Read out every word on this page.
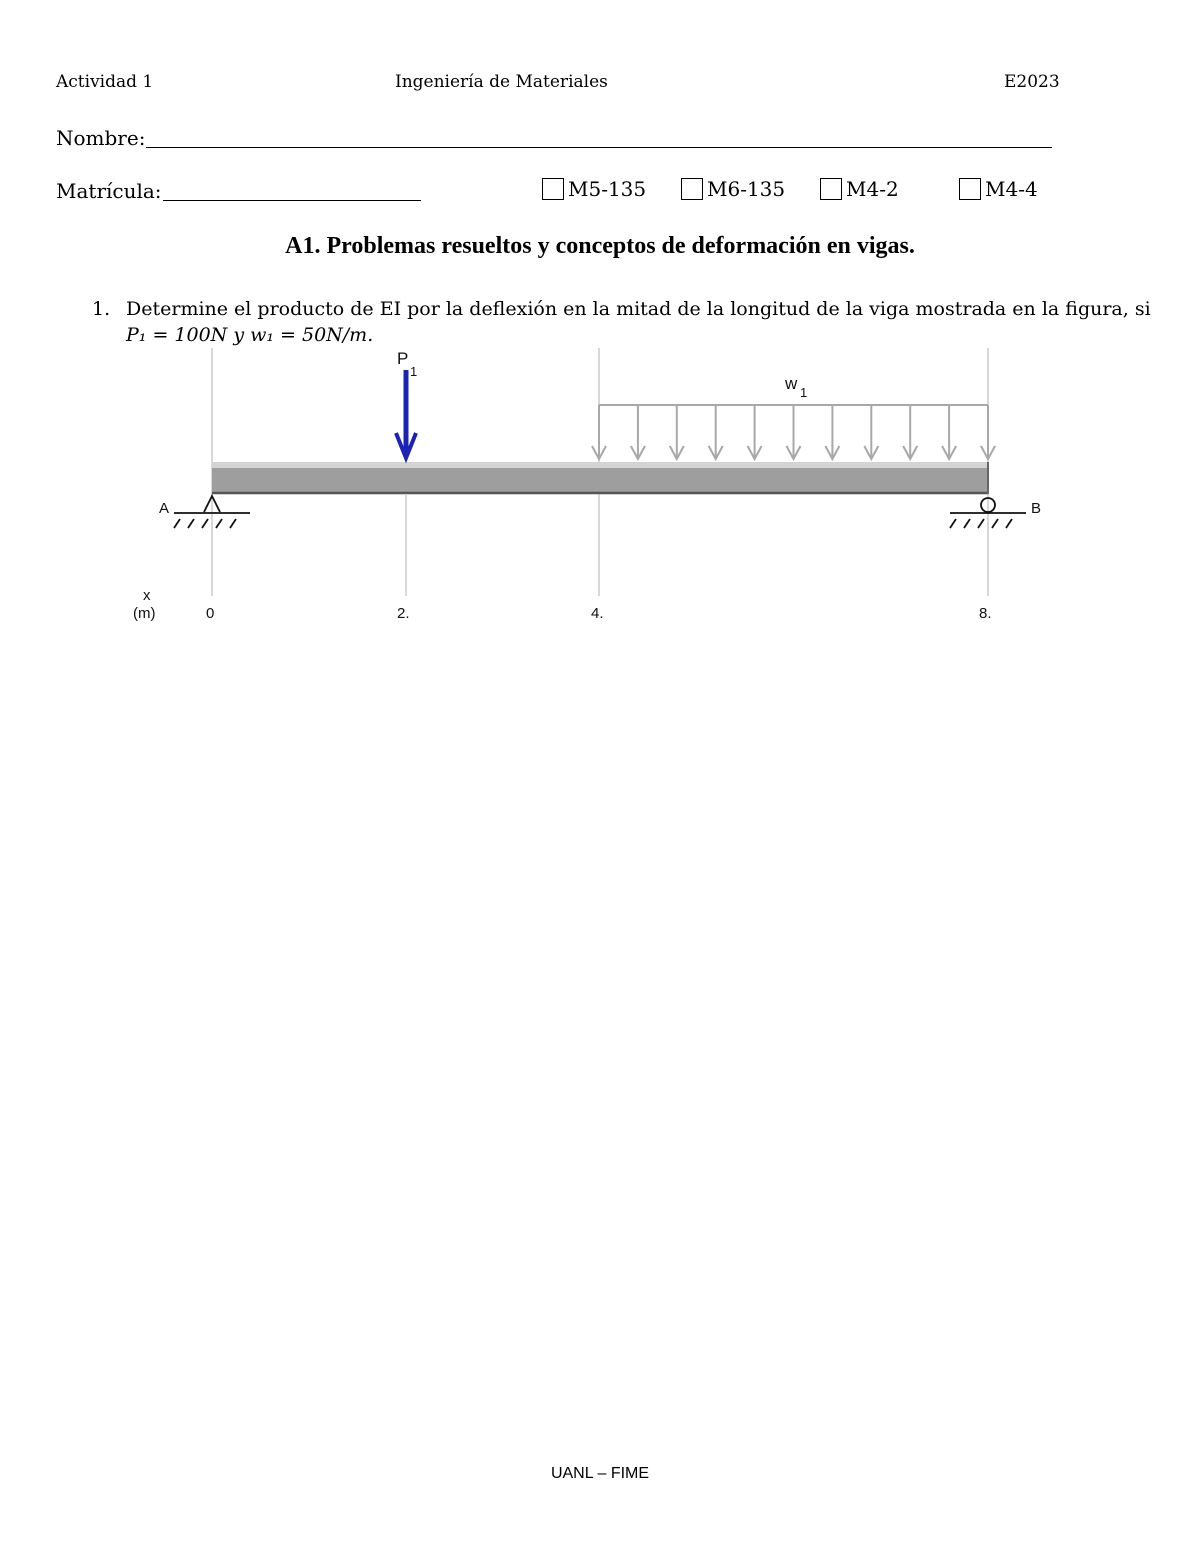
Actividad 1	Ingeniería de Materiales	E2023
Nombre:
Matrícula:	M5-135	M6-135	M4-2	M4-4
A1. Problemas resueltos y conceptos de deformación en vigas.
1. Determine el producto de EI por la deflexión en la mitad de la longitud de la viga mostrada en la figura, si
P₁ = 100N y w₁ = 50N/m.
w 1
P
1
A	B
x
(m)	0	2.	4.	8.
UANL – FIME
